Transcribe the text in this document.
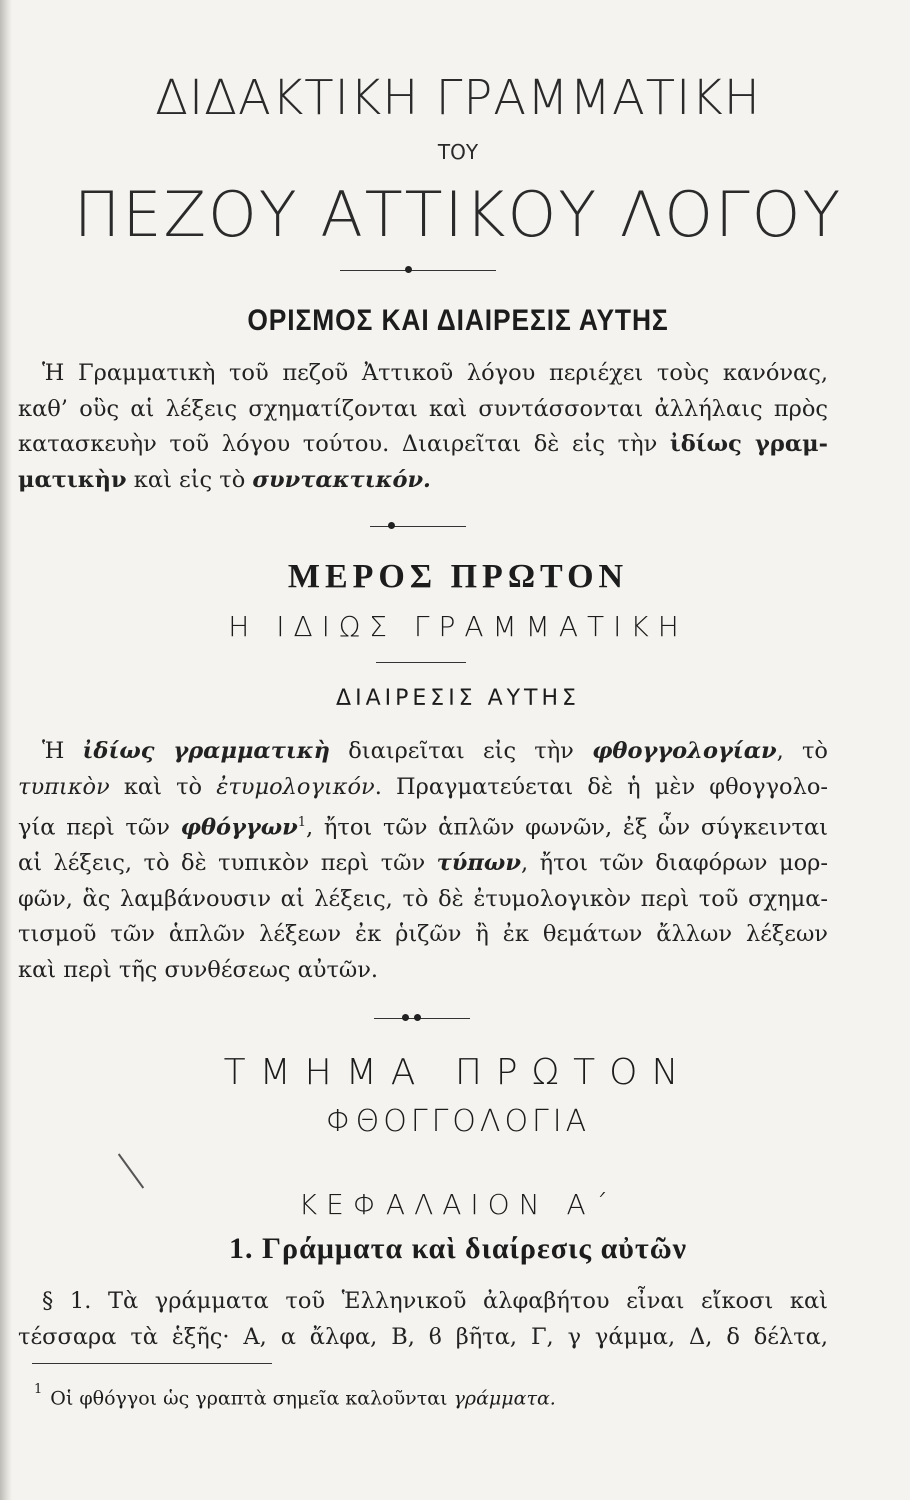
ΔΙΔΑΚΤΙΚΗ ΓΡΑΜΜΑΤΙΚΗ
ΤΟΥ
ΠΕΖΟΥ ΑΤΤΙΚΟΥ ΛΟΓΟΥ
ΟΡΙΣΜΟΣ ΚΑΙ ΔΙΑΙΡΕΣΙΣ ΑΥΤΗΣ
Ἡ Γραμματικὴ τοῦ πεζοῦ Ἀττικοῦ λόγου περιέχει τοὺς κανόνας,
καθ’ οὓς αἱ λέξεις σχηματίζονται καὶ συντάσσονται ἀλλήλαις πρὸς
κατασκευὴν τοῦ λόγου τούτου. Διαιρεῖται δὲ εἰς τὴν ἰδίως γραμ-
ματικὴν καὶ εἰς τὸ συντακτικόν.
ΜΕΡΟΣ ΠΡΩΤΟΝ
Η ΙΔΙΩΣ ΓΡΑΜΜΑΤΙΚΗ
ΔΙΑΙΡΕΣΙΣ ΑΥΤΗΣ
Ἡ ἰδίως γραμματικὴ διαιρεῖται εἰς τὴν φθογγολογίαν, τὸ
τυπικὸν καὶ τὸ ἐτυμολογικόν. Πραγματεύεται δὲ ἡ μὲν φθογγολο-
γία περὶ τῶν φθόγγων$^1$, ἤτοι τῶν ἁπλῶν φωνῶν, ἐξ ὧν σύγκεινται
αἱ λέξεις, τὸ δὲ τυπικὸν περὶ τῶν τύπων, ἤτοι τῶν διαφόρων μορ-
φῶν, ἃς λαμβάνουσιν αἱ λέξεις, τὸ δὲ ἐτυμολογικὸν περὶ τοῦ σχημα-
τισμοῦ τῶν ἁπλῶν λέξεων ἐκ ῥιζῶν ἢ ἐκ θεμάτων ἄλλων λέξεων
καὶ περὶ τῆς συνθέσεως αὐτῶν.
ΤΜΗΜΑ ΠΡΩΤΟΝ
ΦΘΟΓΓΟΛΟΓΙΑ
ΚΕΦΑΛΑΙΟΝ Α΄
1. Γράμματα καὶ διαίρεσις αὐτῶν
§ 1. Τὰ γράμματα τοῦ Ἑλληνικοῦ ἀλφαβήτου εἶναι εἴκοσι καὶ
τέσσαρα τὰ ἑξῆς· Α, α ἄλφα, Β, ϐ βῆτα, Γ, γ γάμμα, Δ, δ δέλτα,
$^1$ Οἱ φθόγγοι ὡς γραπτὰ σημεῖα καλοῦνται γράμματα.
